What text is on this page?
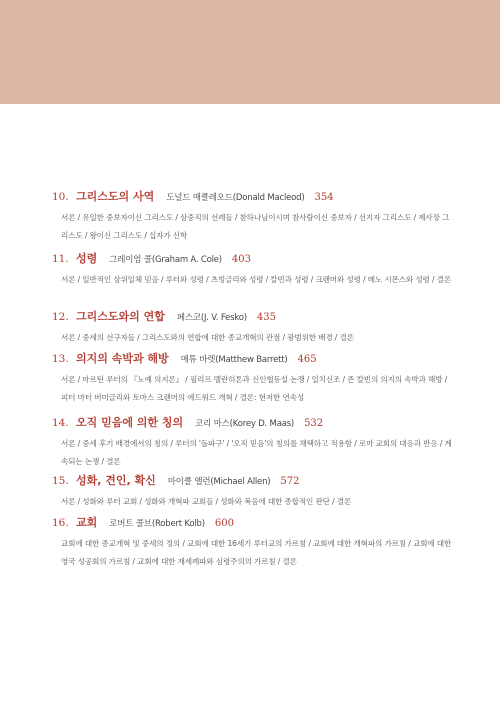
10. 그리스도의 사역 도널드 매클레오드(Donald Macleod) 354
서론 / 유일한 중보자이신 그리스도 / 삼중직의 선례들 / 참하나님이시며 참사람이신 중보자 / 선지자 그리스도 / 제사장 그리스도 / 왕이신 그리스도 / 십자가 신학
11. 성령 그레이엄 콜(Graham A. Cole) 403
서론 / 일반적인 삼위일체 믿음 / 루터와 성령 / 츠빙글리와 성령 / 칼빈과 성령 / 크랜머와 성령 / 메노 시몬스와 성령 / 결론
12. 그리스도와의 연합 페스코(J. V. Fesko) 435
서론 / 중세의 선구자들 / 그리스도와의 연합에 대한 종교개혁의 관점 / 광범위한 배경 / 결론
13. 의지의 속박과 해방 매튜 바렛(Matthew Barrett) 465
서론 / 마르틴 루터의 『노예 의지론』 / 필리프 멜란히톤과 신인협동설 논쟁 / 일치신조 / 존 칼빈의 의지의 속박과 해방 / 피터 마터 버미글리와 토마스 크랜머의 에드워드 개혁 / 결론: 현저한 연속성
14. 오직 믿음에 의한 칭의 코리 마스(Korey D. Maas) 532
서론 / 중세 후기 배경에서의 칭의 / 루터의 '돌파구' / '오직 믿음'의 칭의를 채택하고 적용함 / 로마 교회의 대응과 반응 / 계속되는 논쟁 / 결론
15. 성화, 견인, 확신 마이클 앨런(Michael Allen) 572
서론 / 성화와 루터 교회 / 성화와 개혁파 교회들 / 성화와 복음에 대한 종합적인 판단 / 결론
16. 교회 로버트 콜브(Robert Kolb) 600
교회에 대한 종교개혁 및 중세의 정의 / 교회에 대한 16세기 루터교의 가르침 / 교회에 대한 개혁파의 가르침 / 교회에 대한 영국 성공회의 가르침 / 교회에 대한 재세례파와 심령주의의 가르침 / 결론
